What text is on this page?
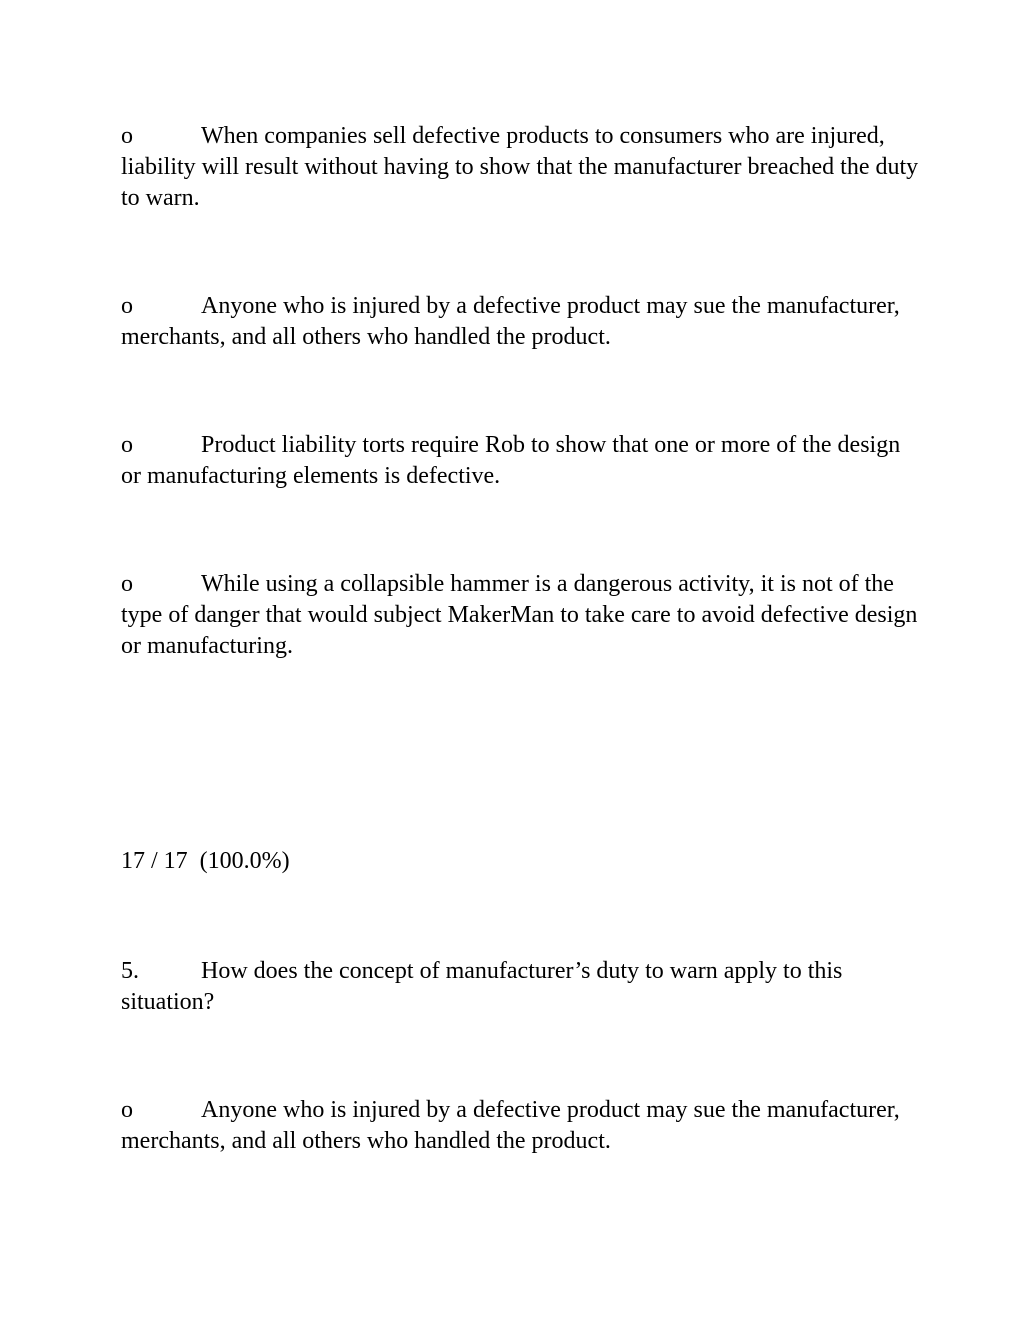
o	When companies sell defective products to consumers who are injured, liability will result without having to show that the manufacturer breached the duty to warn.

o	Anyone who is injured by a defective product may sue the manufacturer, merchants, and all others who handled the product.

o	Product liability torts require Rob to show that one or more of the design or manufacturing elements is defective.

o	While using a collapsible hammer is a dangerous activity, it is not of the type of danger that would subject MakerMan to take care to avoid defective design or manufacturing.

17 / 17  (100.0%)

5.	How does the concept of manufacturer’s duty to warn apply to this situation?

o	Anyone who is injured by a defective product may sue the manufacturer, merchants, and all others who handled the product.
